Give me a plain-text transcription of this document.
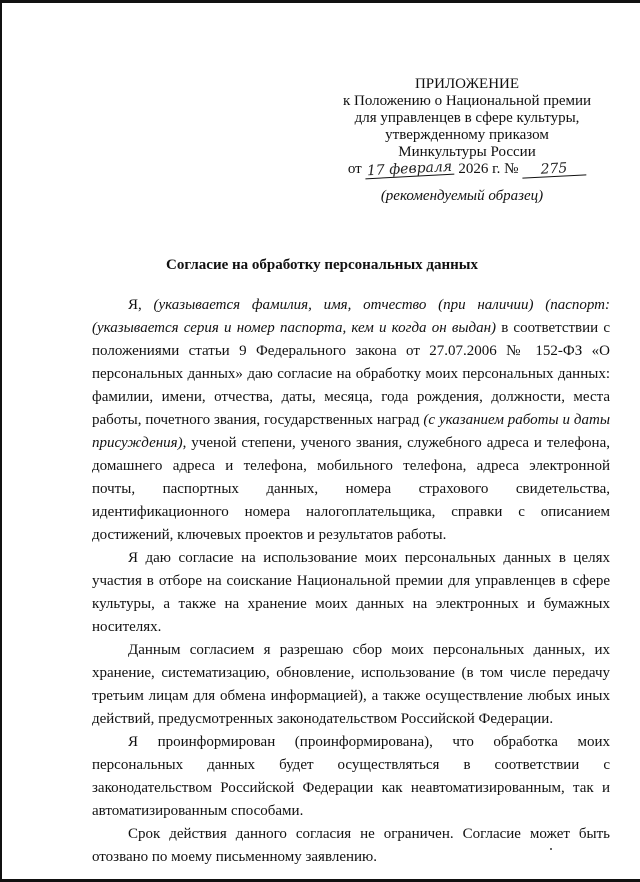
ПРИЛОЖЕНИЕ
к Положению о Национальной премии
для управленцев в сфере культуры,
утвержденному приказом
Минкультуры России
от 17 февраля 2026 г. № 275
(рекомендуемый образец)
Согласие на обработку персональных данных

Я, (указывается фамилия, имя, отчество (при наличии) (паспорт: (указывается серия и номер паспорта, кем и когда он выдан) в соответствии с положениями статьи 9 Федерального закона от 27.07.2006 № 152-ФЗ «О персональных данных» даю согласие на обработку моих персональных данных: фамилии, имени, отчества, даты, месяца, года рождения, должности, места работы, почетного звания, государственных наград (с указанием работы и даты присуждения), ученой степени, ученого звания, служебного адреса и телефона, домашнего адреса и телефона, мобильного телефона, адреса электронной почты, паспортных данных, номера страхового свидетельства, идентификационного номера налогоплательщика, справки с описанием достижений, ключевых проектов и результатов работы.

Я даю согласие на использование моих персональных данных в целях участия в отборе на соискание Национальной премии для управленцев в сфере культуры, а также на хранение моих данных на электронных и бумажных носителях.

Данным согласием я разрешаю сбор моих персональных данных, их хранение, систематизацию, обновление, использование (в том числе передачу третьим лицам для обмена информацией), а также осуществление любых иных действий, предусмотренных законодательством Российской Федерации.

Я проинформирован (проинформирована), что обработка моих персональных данных будет осуществляться в соответствии с законодательством Российской Федерации как неавтоматизированным, так и автоматизированным способами.

Срок действия данного согласия не ограничен. Согласие может быть отозвано по моему письменному заявлению.
